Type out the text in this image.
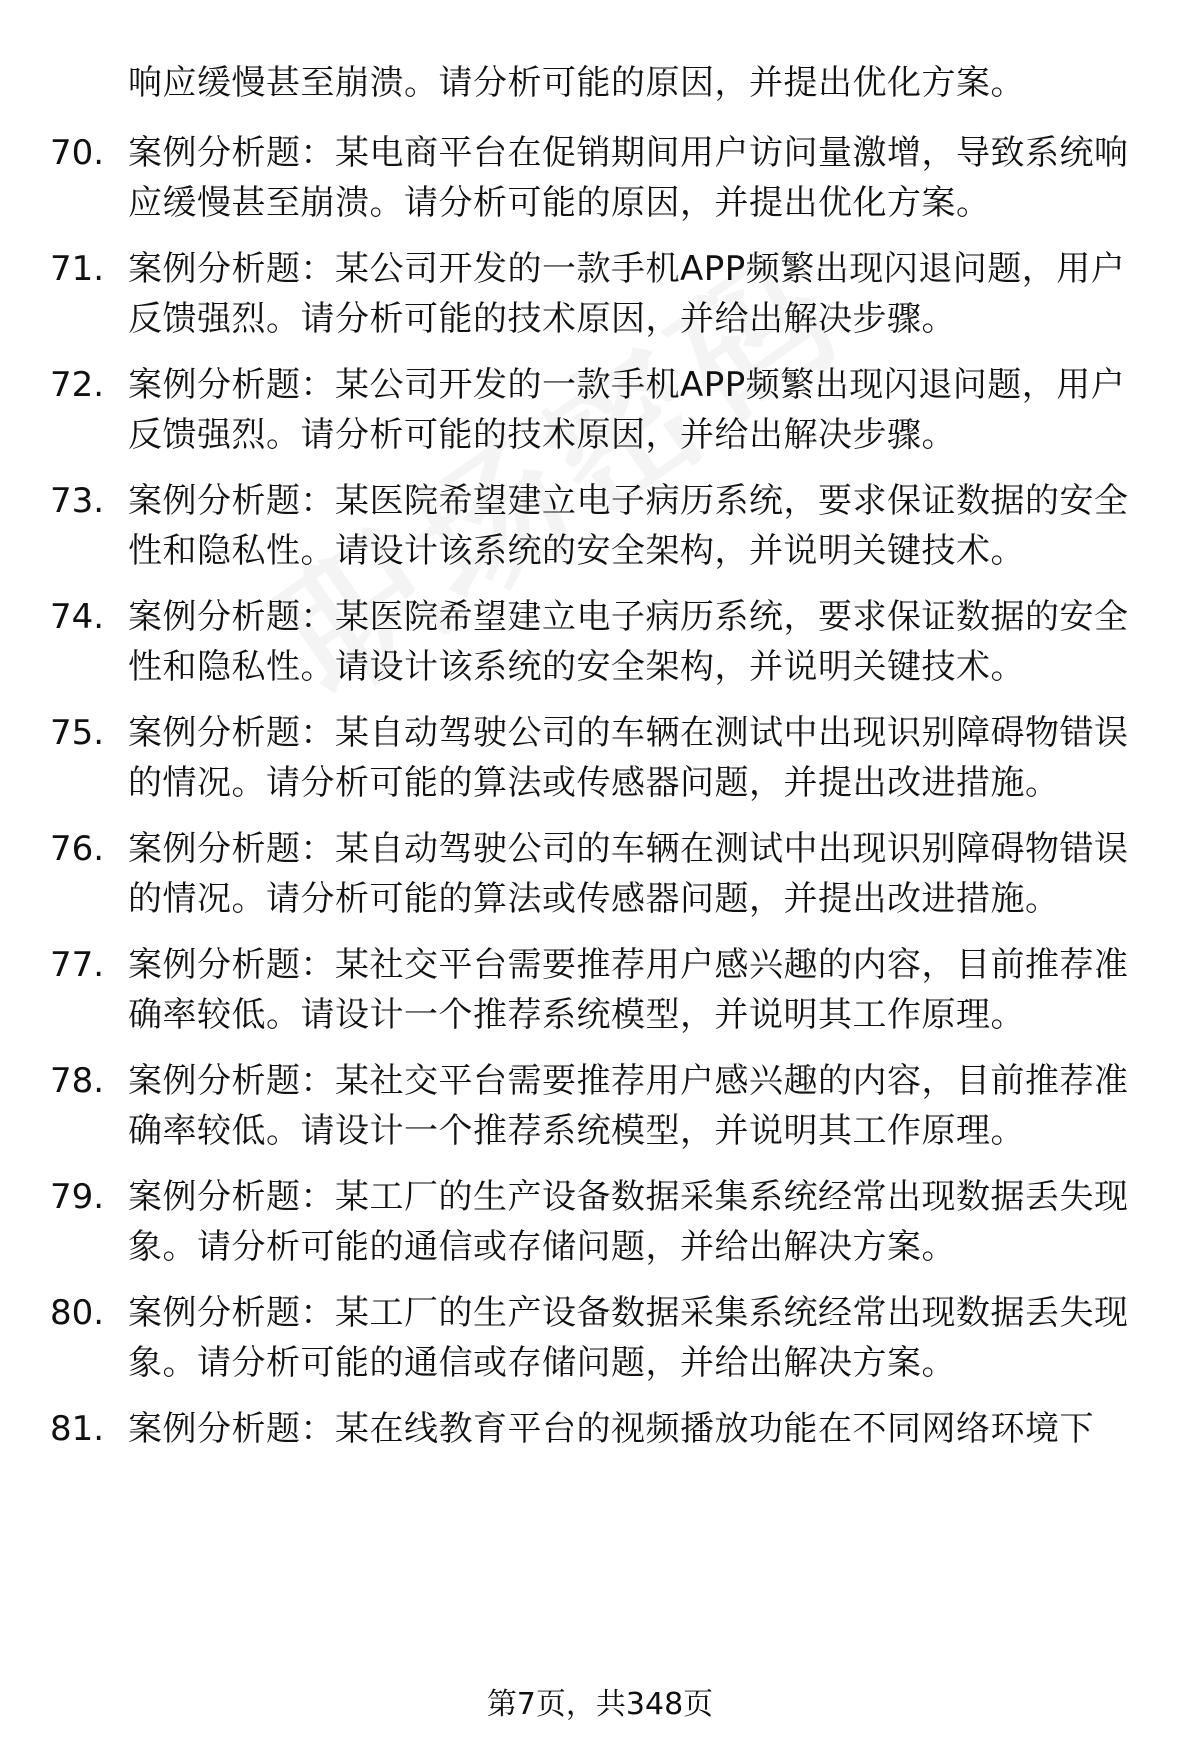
响应缓慢甚至崩溃。请分析可能的原因，并提出优化方案。
70. 案例分析题：某电商平台在促销期间用户访问量激增，导致系统响应缓慢甚至崩溃。请分析可能的原因，并提出优化方案。
71. 案例分析题：某公司开发的一款手机APP频繁出现闪退问题，用户反馈强烈。请分析可能的技术原因，并给出解决步骤。
72. 案例分析题：某公司开发的一款手机APP频繁出现闪退问题，用户反馈强烈。请分析可能的技术原因，并给出解决步骤。
73. 案例分析题：某医院希望建立电子病历系统，要求保证数据的安全性和隐私性。请设计该系统的安全架构，并说明关键技术。
74. 案例分析题：某医院希望建立电子病历系统，要求保证数据的安全性和隐私性。请设计该系统的安全架构，并说明关键技术。
75. 案例分析题：某自动驾驶公司的车辆在测试中出现识别障碍物错误的情况。请分析可能的算法或传感器问题，并提出改进措施。
76. 案例分析题：某自动驾驶公司的车辆在测试中出现识别障碍物错误的情况。请分析可能的算法或传感器问题，并提出改进措施。
77. 案例分析题：某社交平台需要推荐用户感兴趣的内容，目前推荐准确率较低。请设计一个推荐系统模型，并说明其工作原理。
78. 案例分析题：某社交平台需要推荐用户感兴趣的内容，目前推荐准确率较低。请设计一个推荐系统模型，并说明其工作原理。
79. 案例分析题：某工厂的生产设备数据采集系统经常出现数据丢失现象。请分析可能的通信或存储问题，并给出解决方案。
80. 案例分析题：某工厂的生产设备数据采集系统经常出现数据丢失现象。请分析可能的通信或存储问题，并给出解决方案。
81. 案例分析题：某在线教育平台的视频播放功能在不同网络环境下
第7页，共348页
